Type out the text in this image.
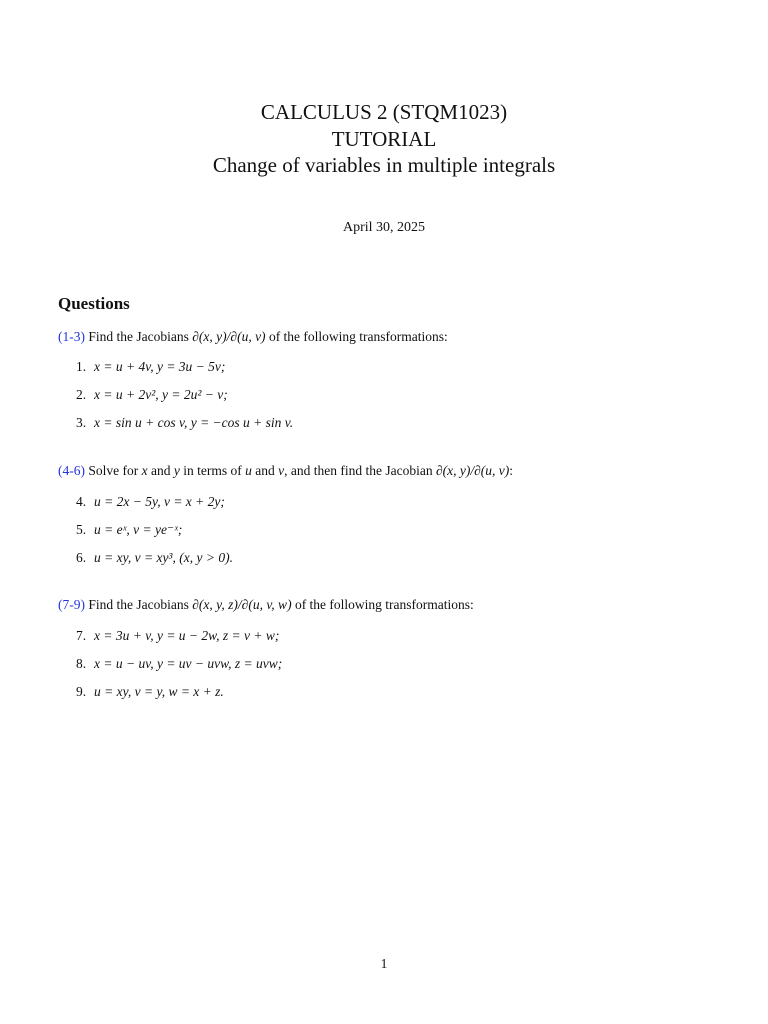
CALCULUS 2 (STQM1023)
TUTORIAL
Change of variables in multiple integrals
April 30, 2025
Questions
(1-3) Find the Jacobians ∂(x, y)/∂(u, v) of the following transformations:
1. x = u + 4v, y = 3u − 5v;
2. x = u + 2v², y = 2u² − v;
3. x = sin u + cos v, y = −cos u + sin v.
(4-6) Solve for x and y in terms of u and v, and then find the Jacobian ∂(x, y)/∂(u, v):
4. u = 2x − 5y, v = x + 2y;
5. u = eˣ, v = ye⁻ˣ;
6. u = xy, v = xy³, (x, y > 0).
(7-9) Find the Jacobians ∂(x, y, z)/∂(u, v, w) of the following transformations:
7. x = 3u + v, y = u − 2w, z = v + w;
8. x = u − uv, y = uv − uvw, z = uvw;
9. u = xy, v = y, w = x + z.
1
